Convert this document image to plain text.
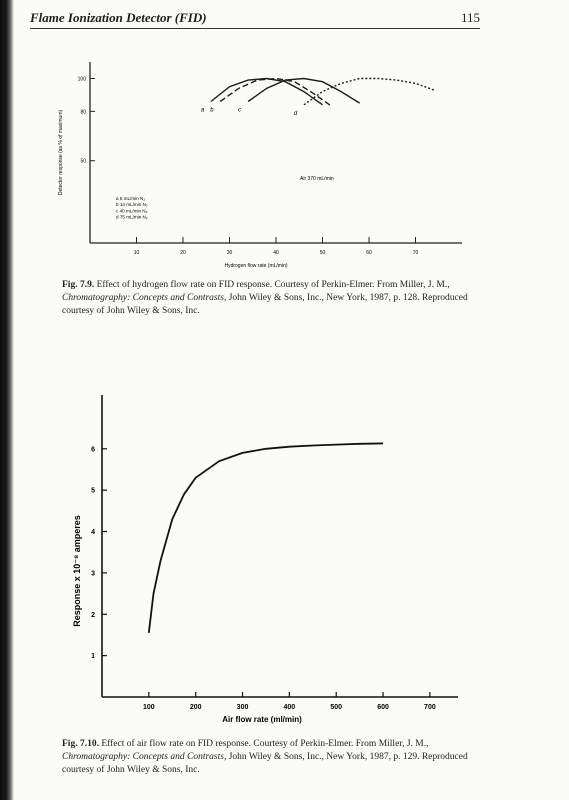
Flame Ionization Detector (FID)	115
10	20	30	40	50	60	70
50
80
100
Hydrogen flow rate (mL/min)
Detector response (as % of maximum)	a b	c
d
Air 370 mL/min
a 5 mL/min N₂
b 14 mL/min N₂
c 40 mL/min N₂
d 75 mL/min N₂
Fig. 7.9. Effect of hydrogen flow rate on FID response. Courtesy of Perkin-Elmer. From Miller, J. M., Chromatography: Concepts and Contrasts, John Wiley & Sons, Inc., New York, 1987, p. 128. Reproduced courtesy of John Wiley & Sons, Inc.
100	200	300	400	500	600	700
1
2
3
4
5
6
Air flow rate (ml/min)
Response x 10⁻⁸ amperes
Fig. 7.10. Effect of air flow rate on FID response. Courtesy of Perkin-Elmer. From Miller, J. M., Chromatography: Concepts and Contrasts, John Wiley & Sons, Inc., New York, 1987, p. 129. Reproduced courtesy of John Wiley & Sons, Inc.
